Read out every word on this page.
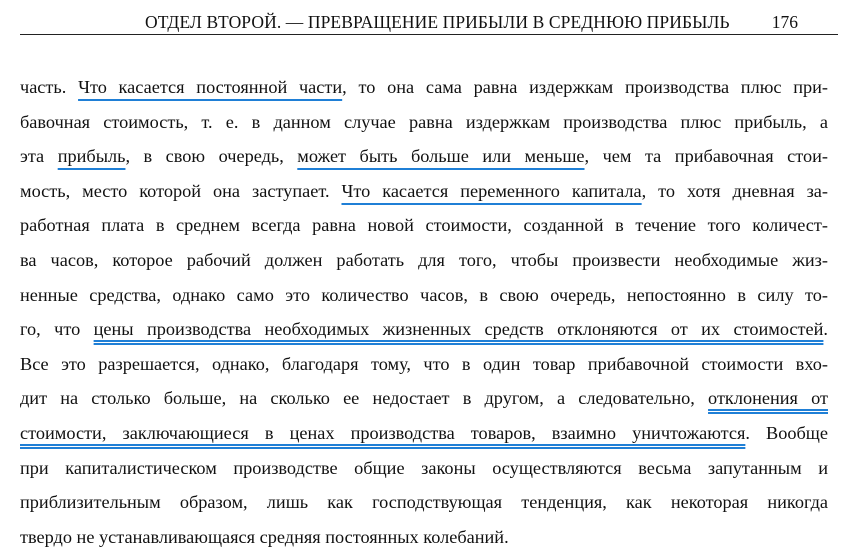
ОТДЕЛ ВТОРОЙ. — ПРЕВРАЩЕНИЕ ПРИБЫЛИ В СРЕДНЮЮ ПРИБЫЛЬ 176
часть. Что касается постоянной части, то она сама равна издержкам производства плюс при-
бавочная стоимость, т. е. в данном случае равна издержкам производства плюс прибыль, а
эта прибыль, в свою очередь, может быть больше или меньше, чем та прибавочная стои-
мость, место которой она заступает. Что касается переменного капитала, то хотя дневная за-
работная плата в среднем всегда равна новой стоимости, созданной в течение того количест-
ва часов, которое рабочий должен работать для того, чтобы произвести необходимые жиз-
ненные средства, однако само это количество часов, в свою очередь, непостоянно в силу то-
го, что цены производства необходимых жизненных средств отклоняются от их стоимостей.
Все это разрешается, однако, благодаря тому, что в один товар прибавочной стоимости вхо-
дит на столько больше, на сколько ее недостает в другом, а следовательно, отклонения от
стоимости, заключающиеся в ценах производства товаров, взаимно уничтожаются. Вообще
при капиталистическом производстве общие законы осуществляются весьма запутанным и
приблизительным образом, лишь как господствующая тенденция, как некоторая никогда
твердо не устанавливающаяся средняя постоянных колебаний.
